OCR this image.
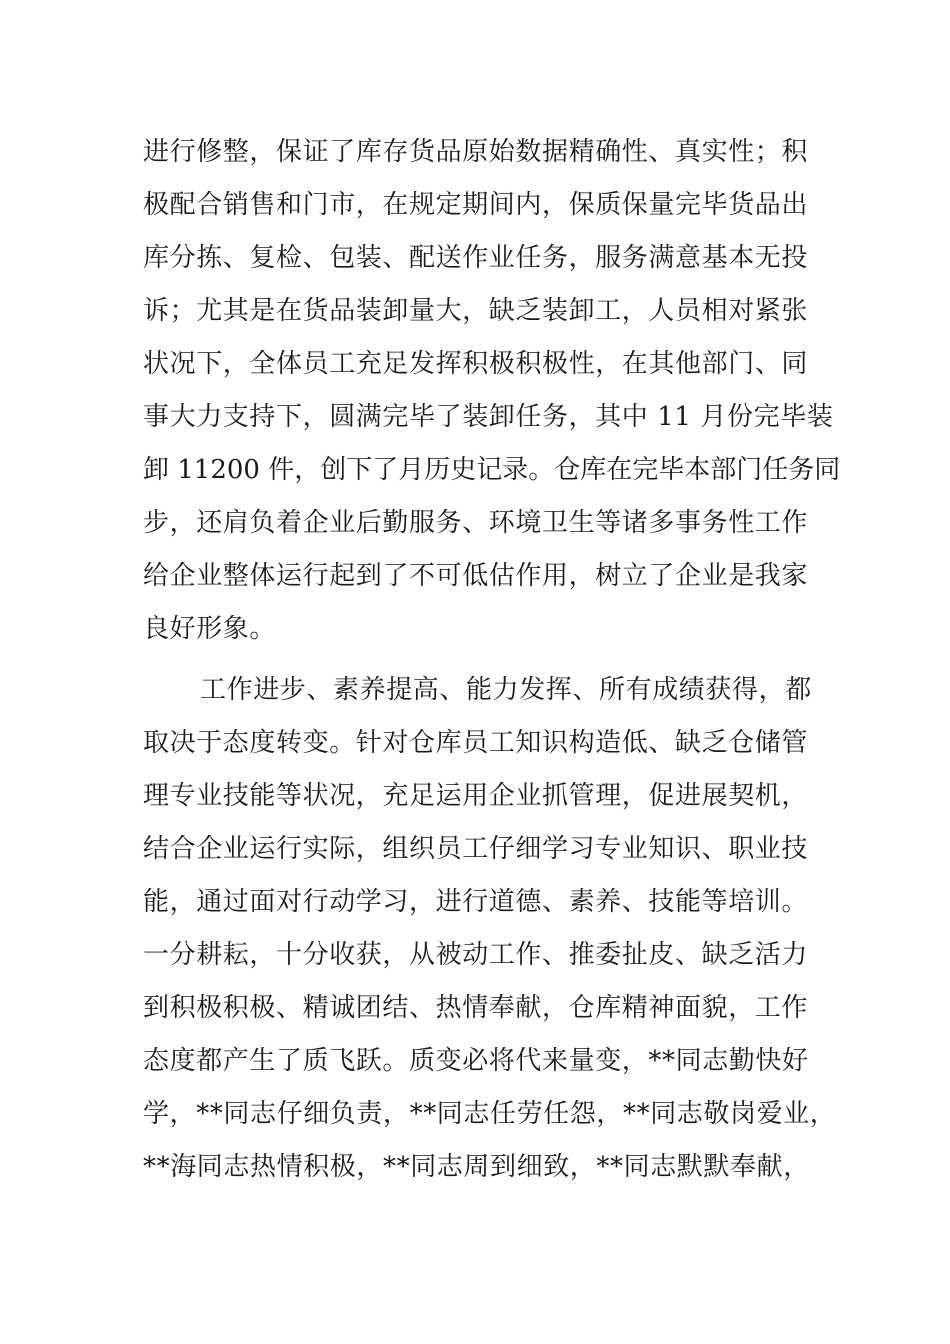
进行修整，保证了库存货品原始数据精确性、真实性；积
极配合销售和门市，在规定期间内，保质保量完毕货品出
库分拣、复检、包装、配送作业任务，服务满意基本无投
诉；尤其是在货品装卸量大，缺乏装卸工，人员相对紧张
状况下，全体员工充足发挥积极积极性，在其他部门、同
事大力支持下，圆满完毕了装卸任务，其中 11 月份完毕装
卸 11200 件，创下了月历史记录。仓库在完毕本部门任务同
步，还肩负着企业后勤服务、环境卫生等诸多事务性工作
给企业整体运行起到了不可低估作用，树立了企业是我家
良好形象。
工作进步、素养提高、能力发挥、所有成绩获得，都
取决于态度转变。针对仓库员工知识构造低、缺乏仓储管
理专业技能等状况，充足运用企业抓管理，促进展契机，
结合企业运行实际，组织员工仔细学习专业知识、职业技
能，通过面对行动学习，进行道德、素养、技能等培训。
一分耕耘，十分收获，从被动工作、推委扯皮、缺乏活力
到积极积极、精诚团结、热情奉献，仓库精神面貌，工作
态度都产生了质飞跃。质变必将代来量变，**同志勤快好
学，**同志仔细负责，**同志任劳任怨，**同志敬岗爱业，
**海同志热情积极，**同志周到细致，**同志默默奉献，
